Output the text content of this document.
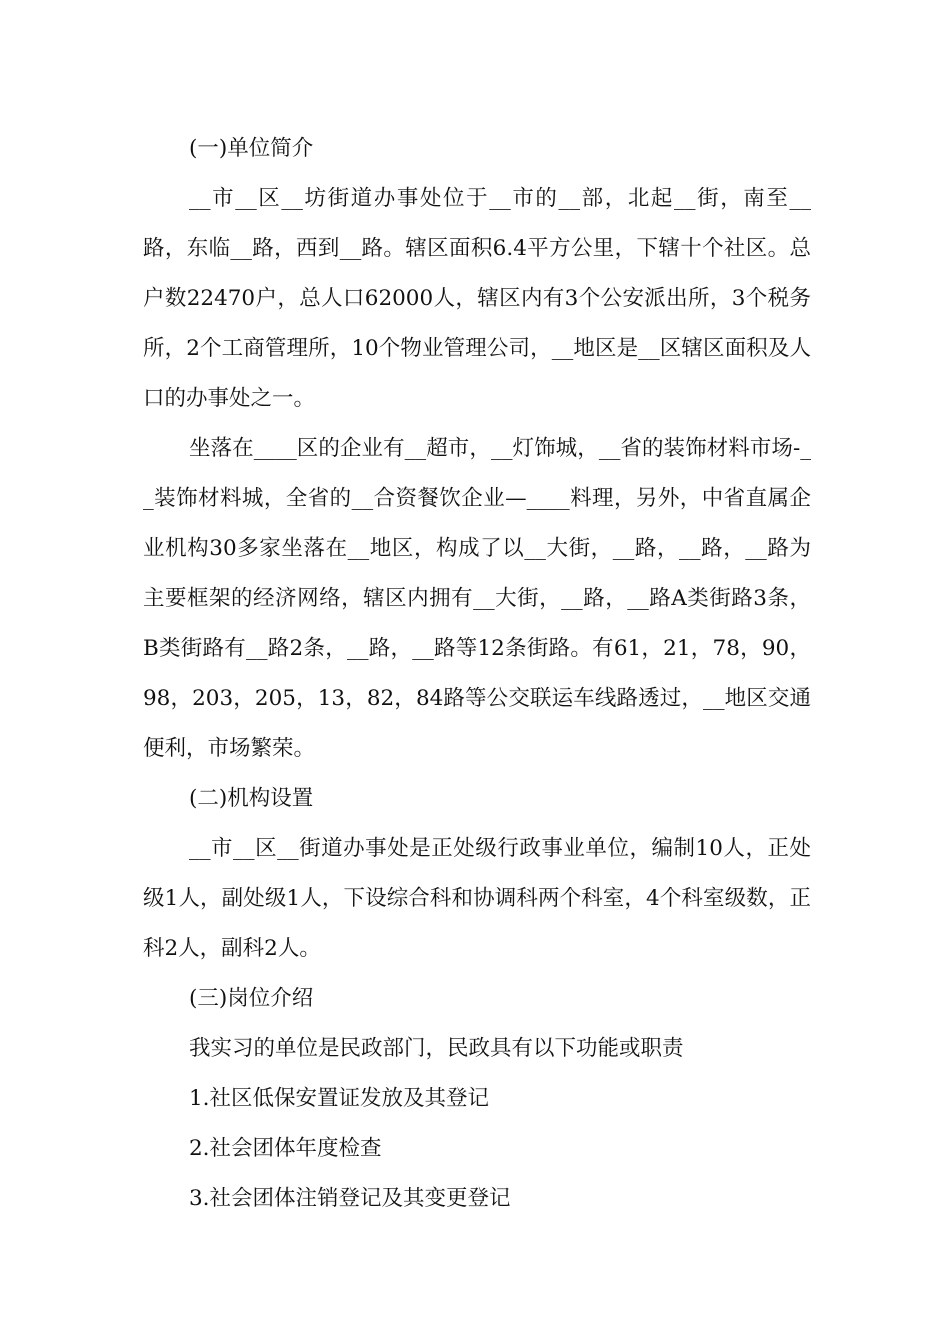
(一)单位简介

__市__区__坊街道办事处位于__市的__部，北起__街，南至__路，东临__路，西到__路。辖区面积6.4平方公里，下辖十个社区。总户数22470户，总人口62000人，辖区内有3个公安派出所，3个税务所，2个工商管理所，10个物业管理公司，__地区是__区辖区面积及人口的办事处之一。

坐落在____区的企业有__超市，__灯饰城，__省的装饰材料市场-__装饰材料城，全省的__合资餐饮企业—____料理，另外，中省直属企业机构30多家坐落在__地区，构成了以__大街，__路，__路，__路为主要框架的经济网络，辖区内拥有__大街，__路，__路A类街路3条，B类街路有__路2条，__路，__路等12条街路。有61，21，78，90，98，203，205，13，82，84路等公交联运车线路透过，__地区交通便利，市场繁荣。

(二)机构设置

__市__区__街道办事处是正处级行政事业单位，编制10人，正处级1人，副处级1人，下设综合科和协调科两个科室，4个科室级数，正科2人，副科2人。

(三)岗位介绍

我实习的单位是民政部门，民政具有以下功能或职责

1.社区低保安置证发放及其登记

2.社会团体年度检查

3.社会团体注销登记及其变更登记
